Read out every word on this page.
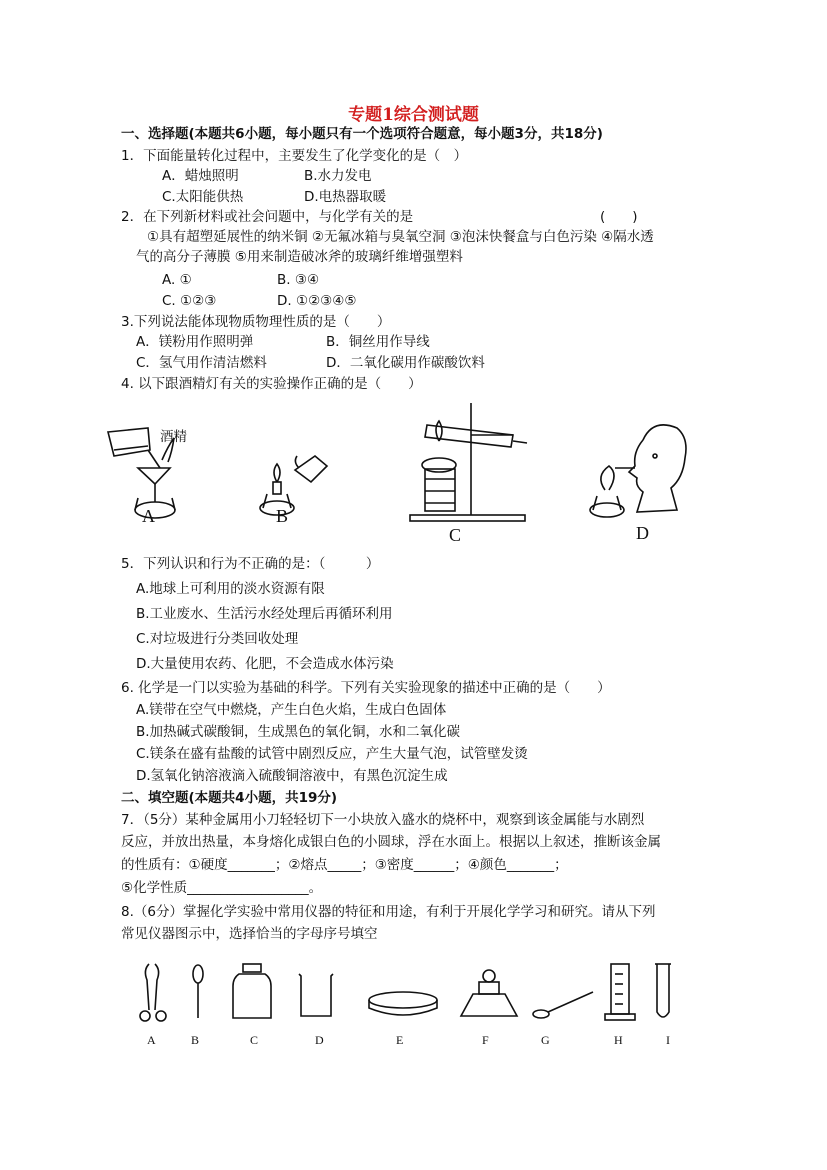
专题1综合测试题
一、选择题(本题共6小题，每小题只有一个选项符合题意，每小题3分，共18分)
1．下面能量转化过程中，主要发生了化学变化的是（　）
A．蜡烛照明	B.水力发电
C.太阳能供热	D.电热器取暖
2．在下列新材料或社会问题中，与化学有关的是	(　　)
①具有超塑延展性的纳米铜 ②无氟冰箱与臭氧空洞 ③泡沫快餐盒与白色污染 ④隔水透
气的高分子薄膜 ⑤用来制造破冰斧的玻璃纤维增强塑料
A. ①	B. ③④
C. ①②③	D. ①②③④⑤
3.下列说法能体现物质物理性质的是（　　）
A．镁粉用作照明弹	B．铜丝用作导线
C．氢气用作清洁燃料	D．二氧化碳用作碳酸饮料
4. 以下跟酒精灯有关的实验操作正确的是（　　）
酒精
A	B
C	D
5．下列认识和行为不正确的是：（　　　）
A.地球上可利用的淡水资源有限
B.工业废水、生活污水经处理后再循环利用
C.对垃圾进行分类回收处理
D.大量使用农药、化肥，不会造成水体污染
6. 化学是一门以实验为基础的科学。下列有关实验现象的描述中正确的是（　　）
A.镁带在空气中燃烧，产生白色火焰，生成白色固体
B.加热碱式碳酸铜，生成黑色的氧化铜，水和二氧化碳
C.镁条在盛有盐酸的试管中剧烈反应，产生大量气泡，试管壁发烫
D.氢氧化钠溶液滴入硫酸铜溶液中，有黑色沉淀生成
二、填空题(本题共4小题，共19分)
7．（5分）某种金属用小刀轻轻切下一小块放入盛水的烧杯中，观察到该金属能与水剧烈
反应，并放出热量，本身熔化成银白色的小圆球，浮在水面上。根据以上叙述，推断该金属
的性质有：①硬度_______；②熔点_____；③密度______；④颜色_______；
⑤化学性质__________________。
8.（6分）掌握化学实验中常用仪器的特征和用途，有利于开展化学学习和研究。请从下列
常见仪器图示中，选择恰当的字母序号填空
A	B	C	D	E	F	G	H	I
